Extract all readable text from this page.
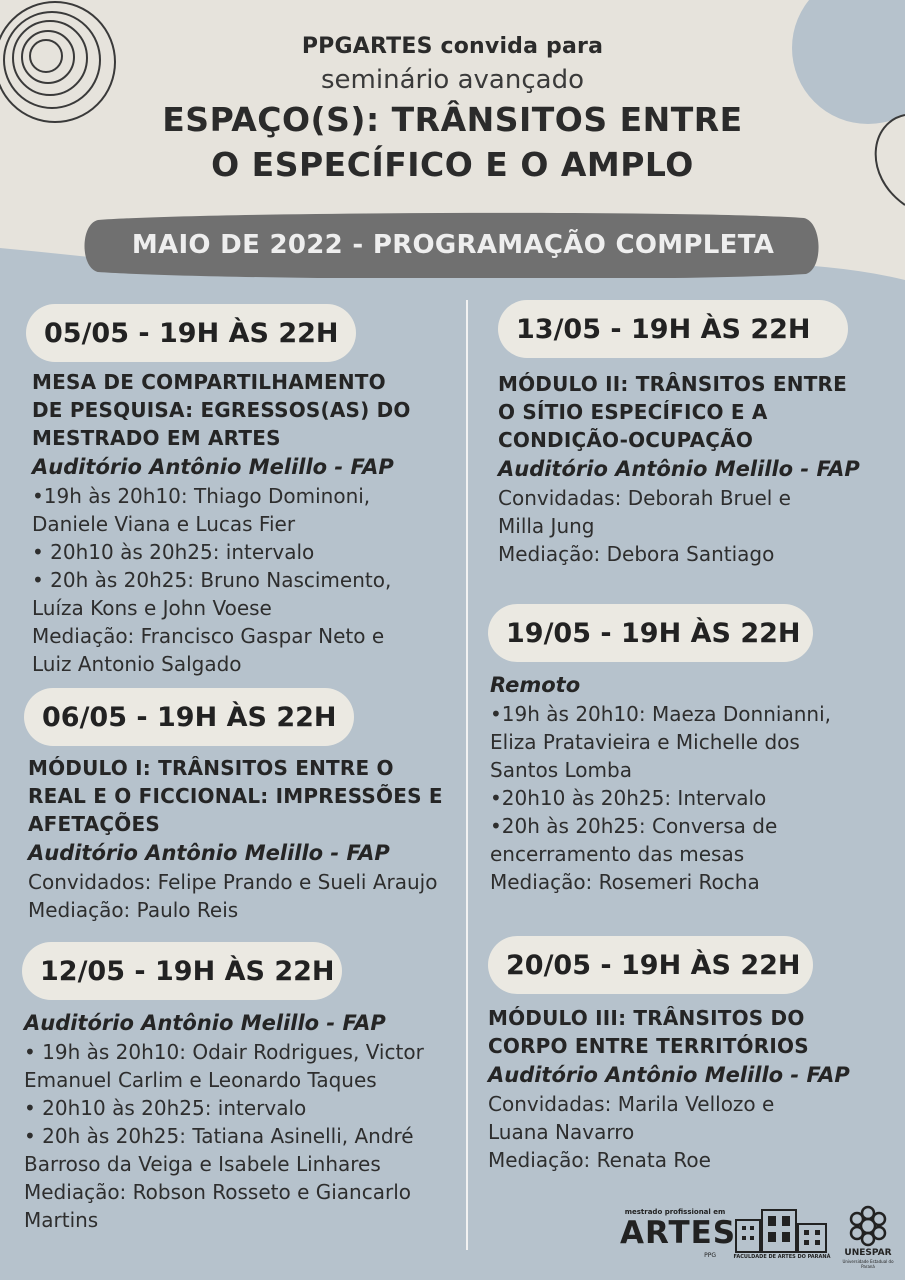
PPGARTES convida para
seminário avançado
ESPAÇO(S): TRÂNSITOS ENTRE
O ESPECÍFICO E O AMPLO
MAIO DE 2022 - PROGRAMAÇÃO COMPLETA
05/05 - 19H ÀS 22H
MESA DE COMPARTILHAMENTO
DE PESQUISA: EGRESSOS(AS) DO
MESTRADO EM ARTES
Auditório Antônio Melillo - FAP
•19h às 20h10: Thiago Dominoni,
Daniele Viana e Lucas Fier
• 20h10 às 20h25: intervalo
• 20h às 20h25: Bruno Nascimento,
Luíza Kons e John Voese
Mediação: Francisco Gaspar Neto e
Luiz Antonio Salgado
06/05 - 19H ÀS 22H
MÓDULO I: TRÂNSITOS ENTRE O
REAL E O FICCIONAL: IMPRESSÕES E
AFETAÇÕES
Auditório Antônio Melillo - FAP
Convidados: Felipe Prando e Sueli Araujo
Mediação: Paulo Reis
12/05 - 19H ÀS 22H
Auditório Antônio Melillo - FAP
• 19h às 20h10: Odair Rodrigues, Victor
Emanuel Carlim e Leonardo Taques
• 20h10 às 20h25: intervalo
• 20h às 20h25: Tatiana Asinelli, André
Barroso da Veiga e Isabele Linhares
Mediação: Robson Rosseto e Giancarlo
Martins
13/05 - 19H ÀS 22H
MÓDULO II: TRÂNSITOS ENTRE
O SÍTIO ESPECÍFICO E A
CONDIÇÃO-OCUPAÇÃO
Auditório Antônio Melillo - FAP
Convidadas: Deborah Bruel e
Milla Jung
Mediação: Debora Santiago
19/05 - 19H ÀS 22H
Remoto
•19h às 20h10: Maeza Donnianni,
Eliza Pratavieira e Michelle dos
Santos Lomba
•20h10 às 20h25: Intervalo
•20h às 20h25: Conversa de
encerramento das mesas
Mediação: Rosemeri Rocha
20/05 - 19H ÀS 22H
MÓDULO III: TRÂNSITOS DO
CORPO ENTRE TERRITÓRIOS
Auditório Antônio Melillo - FAP
Convidadas: Marila Vellozo e
Luana Navarro
Mediação: Renata Roe
mestrado profissional em
ARTES
PPG	FACULDADE DE ARTES DO PARANÁ UNESPAR
Universidade Estadual do Paraná
